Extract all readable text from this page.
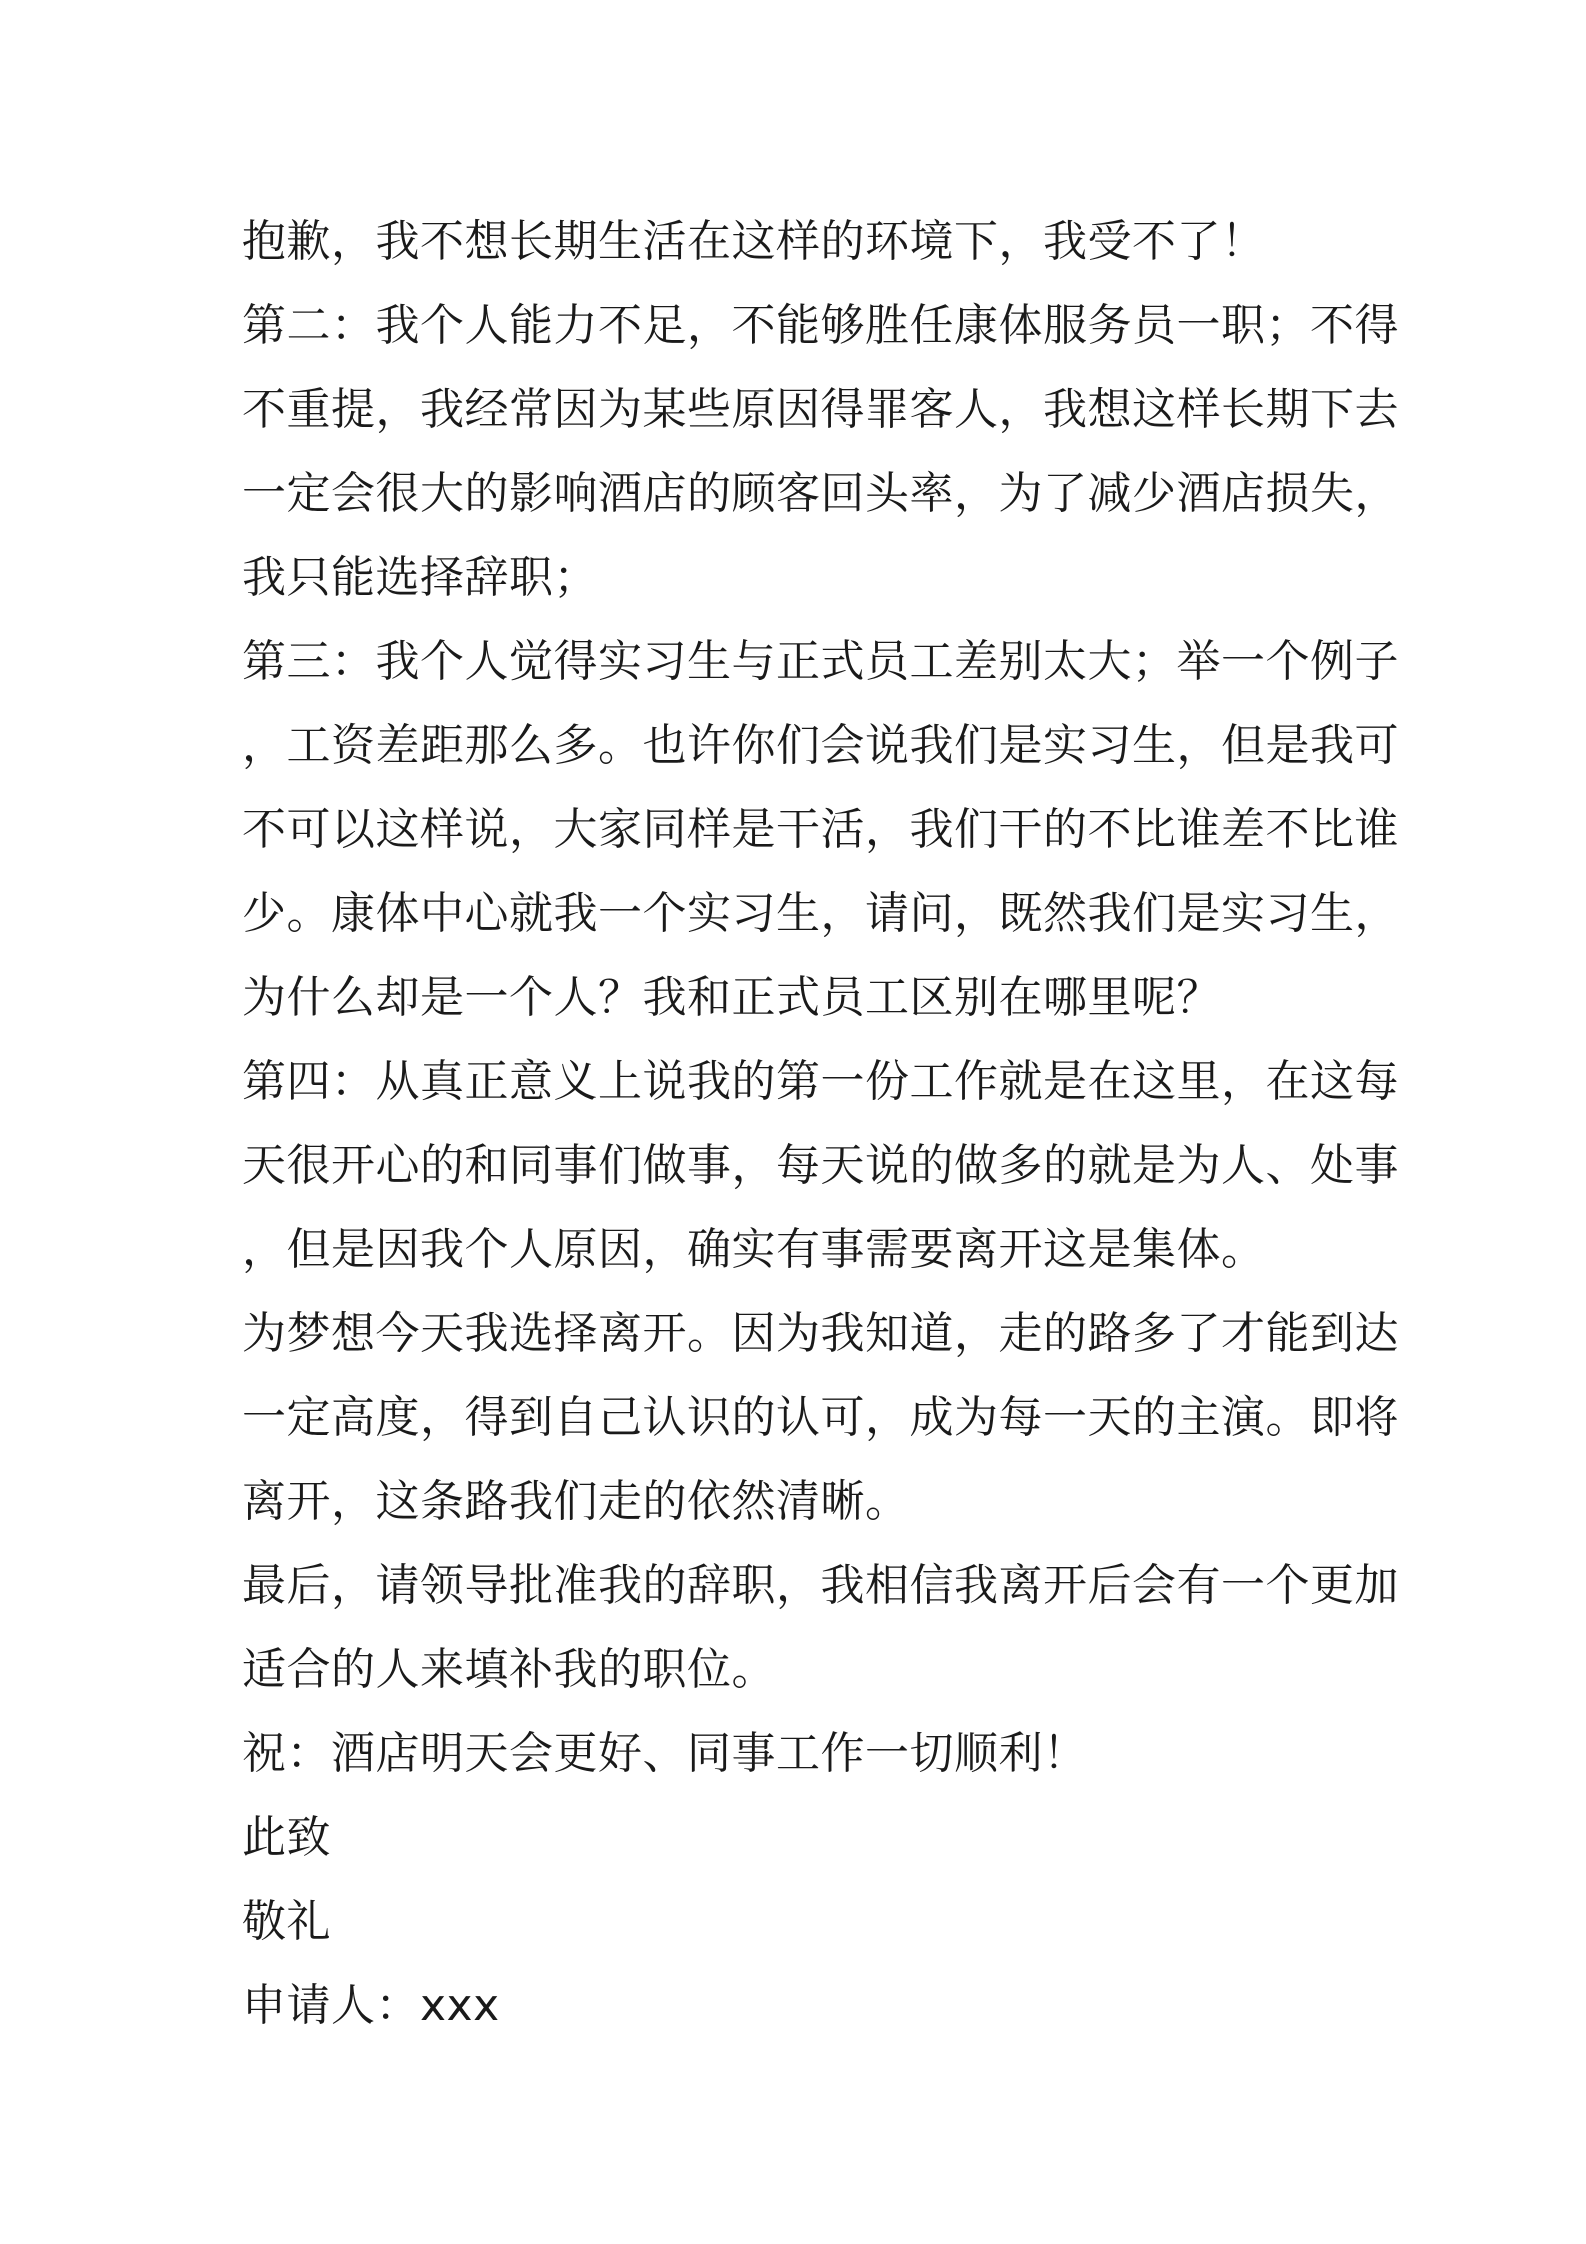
抱歉，我不想长期生活在这样的环境下，我受不了！
第二：我个人能力不足，不能够胜任康体服务员一职；不得
不重提，我经常因为某些原因得罪客人，我想这样长期下去
一定会很大的影响酒店的顾客回头率，为了减少酒店损失，
我只能选择辞职；
第三：我个人觉得实习生与正式员工差别太大；举一个例子
，工资差距那么多。也许你们会说我们是实习生，但是我可
不可以这样说，大家同样是干活，我们干的不比谁差不比谁
少。康体中心就我一个实习生，请问，既然我们是实习生，
为什么却是一个人？我和正式员工区别在哪里呢？
第四：从真正意义上说我的第一份工作就是在这里，在这每
天很开心的和同事们做事，每天说的做多的就是为人、处事
，但是因我个人原因，确实有事需要离开这是集体。
为梦想今天我选择离开。因为我知道，走的路多了才能到达
一定高度，得到自己认识的认可，成为每一天的主演。即将
离开，这条路我们走的依然清晰。
最后，请领导批准我的辞职，我相信我离开后会有一个更加
适合的人来填补我的职位。
祝：酒店明天会更好、同事工作一切顺利！
此致
敬礼
申请人：xxx
